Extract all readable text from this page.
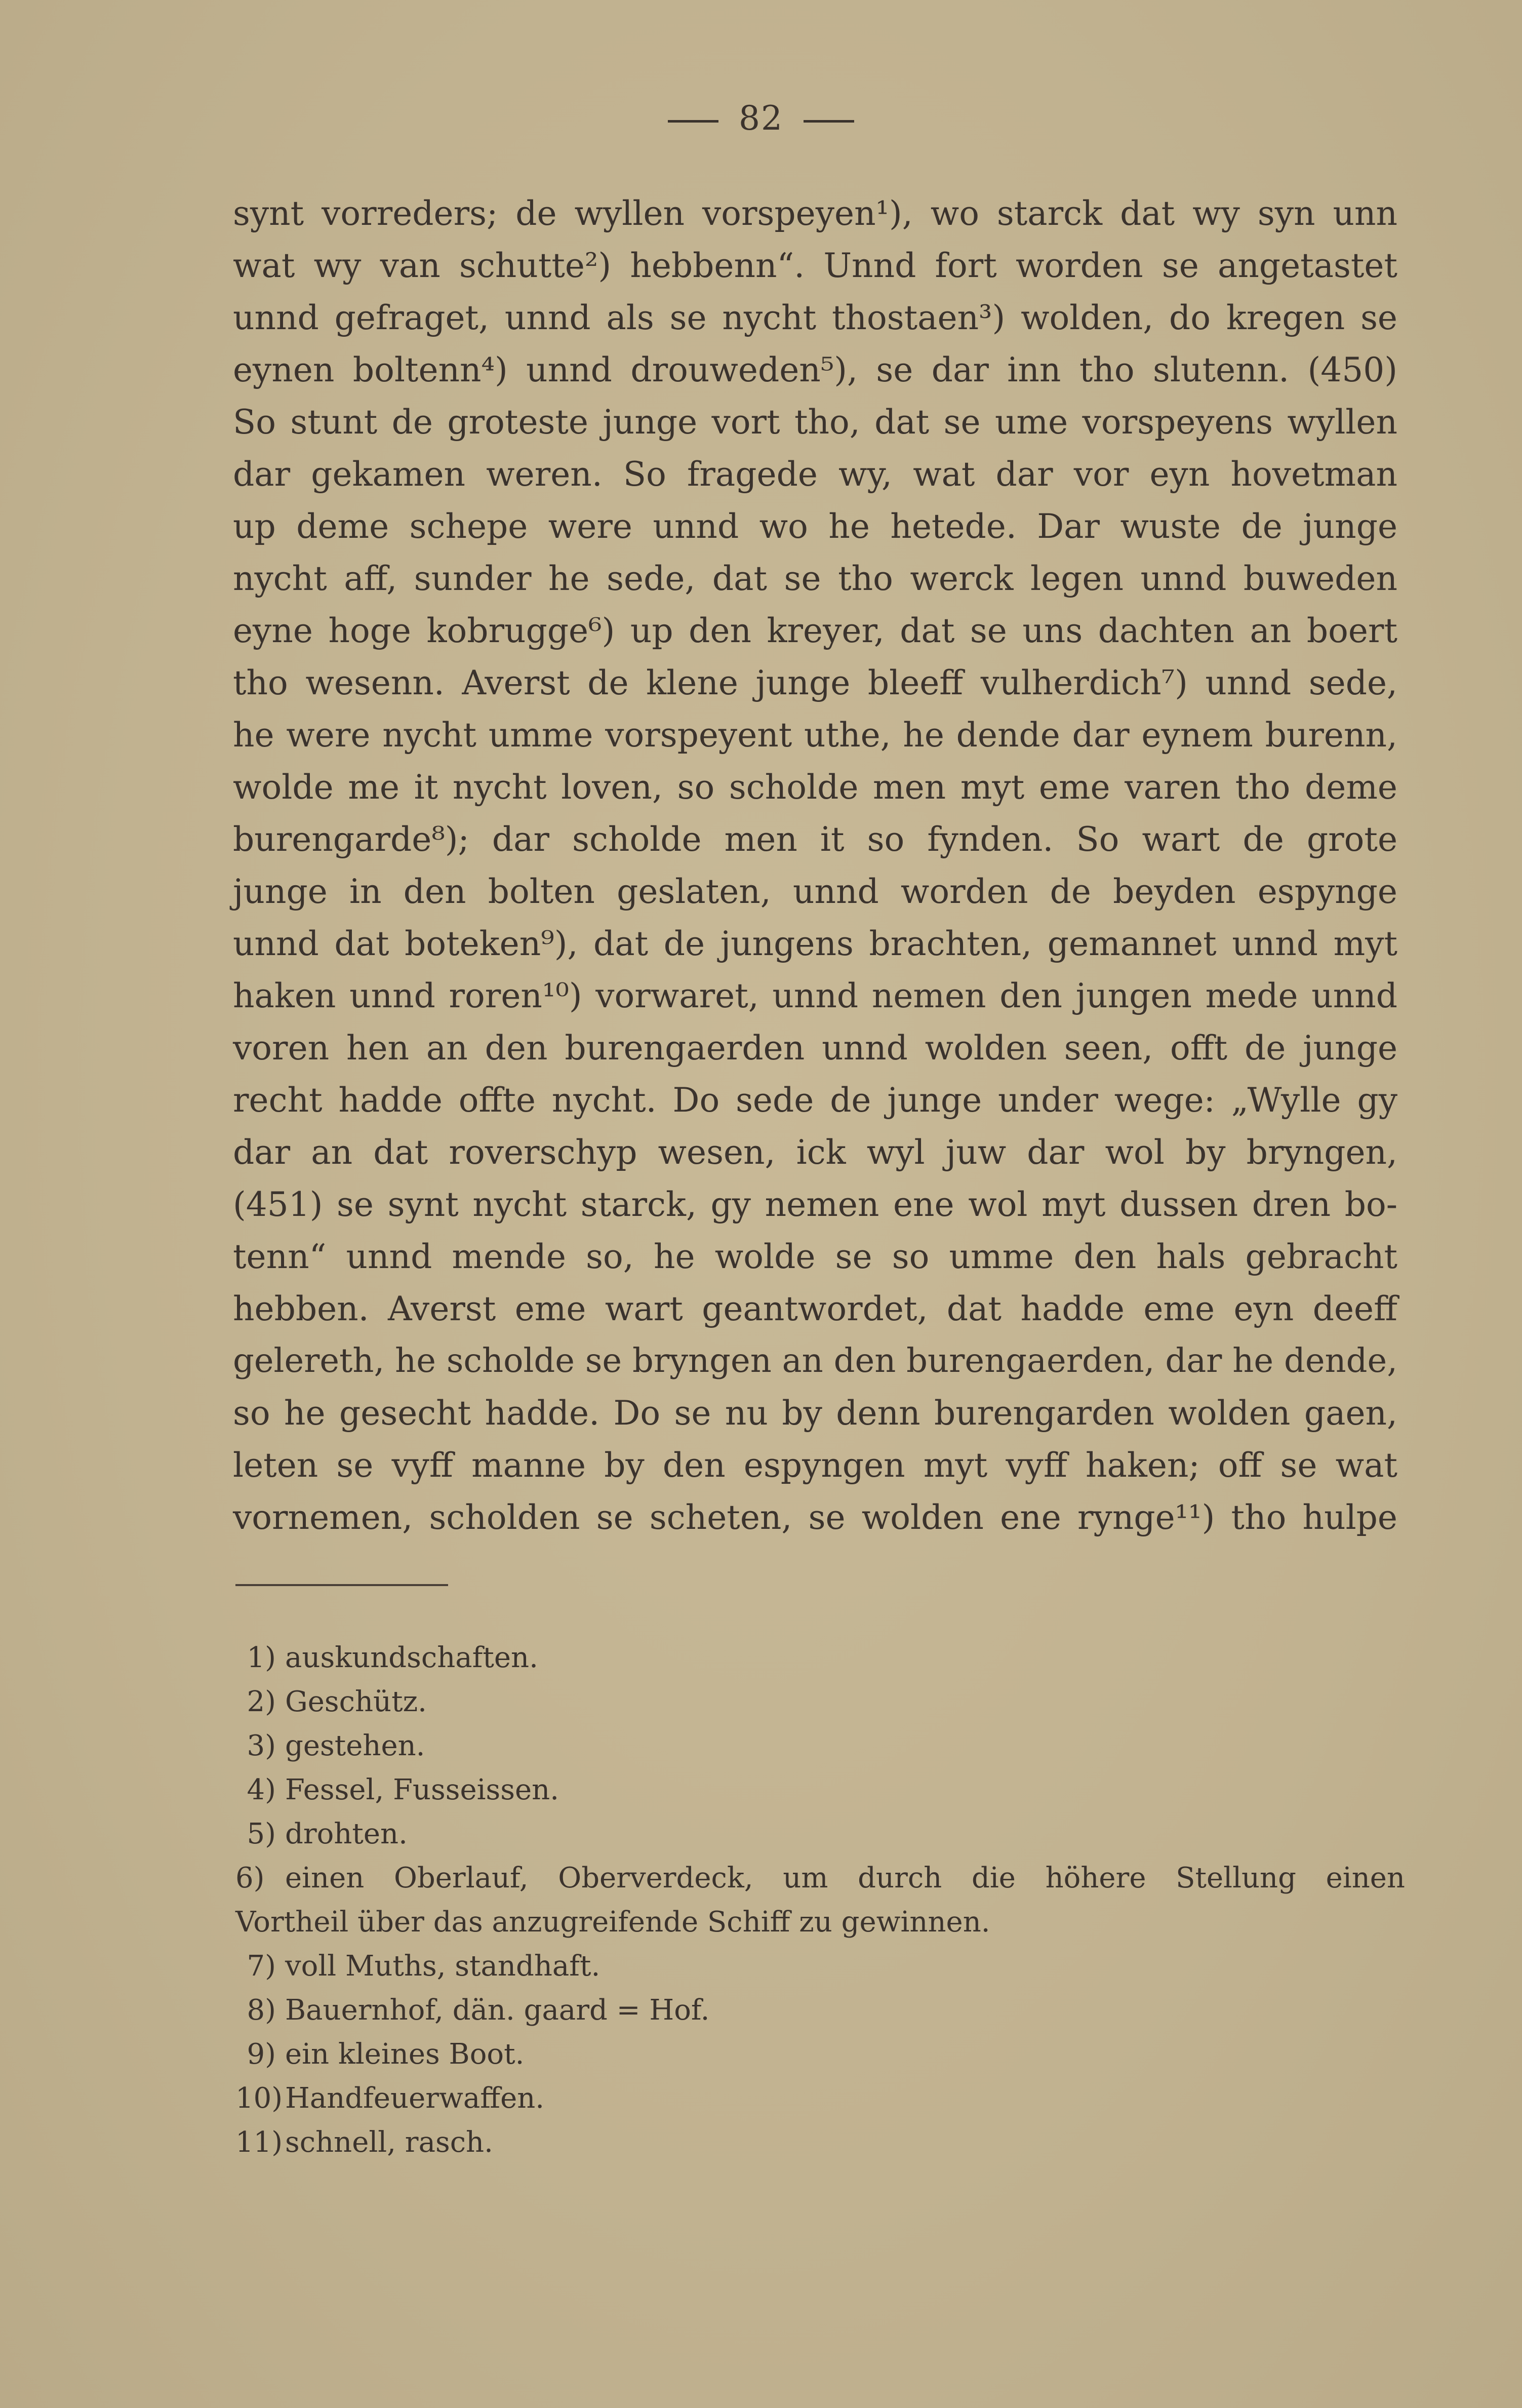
82
synt vorreders; de wyllen vorspeyen¹), wo starck dat wy syn unn
wat wy van schutte²) hebbenn“. Unnd fort worden se angetastet
unnd gefraget, unnd als se nycht thostaen³) wolden, do kregen se
eynen boltenn⁴) unnd drouweden⁵), se dar inn tho slutenn. (450)
So stunt de groteste junge vort tho, dat se ume vorspeyens wyllen
dar gekamen weren. So fragede wy, wat dar vor eyn hovetman
up deme schepe were unnd wo he hetede. Dar wuste de junge
nycht aff, sunder he sede, dat se tho werck legen unnd buweden
eyne hoge kobrugge⁶) up den kreyer, dat se uns dachten an boert
tho wesenn. Averst de klene junge bleeff vulherdich⁷) unnd sede,
he were nycht umme vorspeyent uthe, he dende dar eynem burenn,
wolde me it nycht loven, so scholde men myt eme varen tho deme
burengarde⁸); dar scholde men it so fynden. So wart de grote
junge in den bolten geslaten, unnd worden de beyden espynge
unnd dat boteken⁹), dat de jungens brachten, gemannet unnd myt
haken unnd roren¹⁰) vorwaret, unnd nemen den jungen mede unnd
voren hen an den burengaerden unnd wolden seen, offt de junge
recht hadde offte nycht. Do sede de junge under wege: „Wylle gy
dar an dat roverschyp wesen, ick wyl juw dar wol by bryngen,
(451) se synt nycht starck, gy nemen ene wol myt dussen dren bo-
tenn“ unnd mende so, he wolde se so umme den hals gebracht
hebben. Averst eme wart geantwordet, dat hadde eme eyn deeff
gelereth, he scholde se bryngen an den burengaerden, dar he dende,
so he gesecht hadde. Do se nu by denn burengarden wolden gaen,
leten se vyff manne by den espyngen myt vyff haken; off se wat
vornemen, scholden se scheten, se wolden ene rynge¹¹) tho hulpe
1) auskundschaften.
2) Geschütz.
3) gestehen.
4) Fessel, Fusseissen.
5) drohten.
6) einen Oberlauf, Oberverdeck, um durch die höhere Stellung einen
Vortheil über das anzugreifende Schiff zu gewinnen.
7) voll Muths, standhaft.
8) Bauernhof, dän. gaard = Hof.
9) ein kleines Boot.
10)Handfeuerwaffen.
11)schnell, rasch.
